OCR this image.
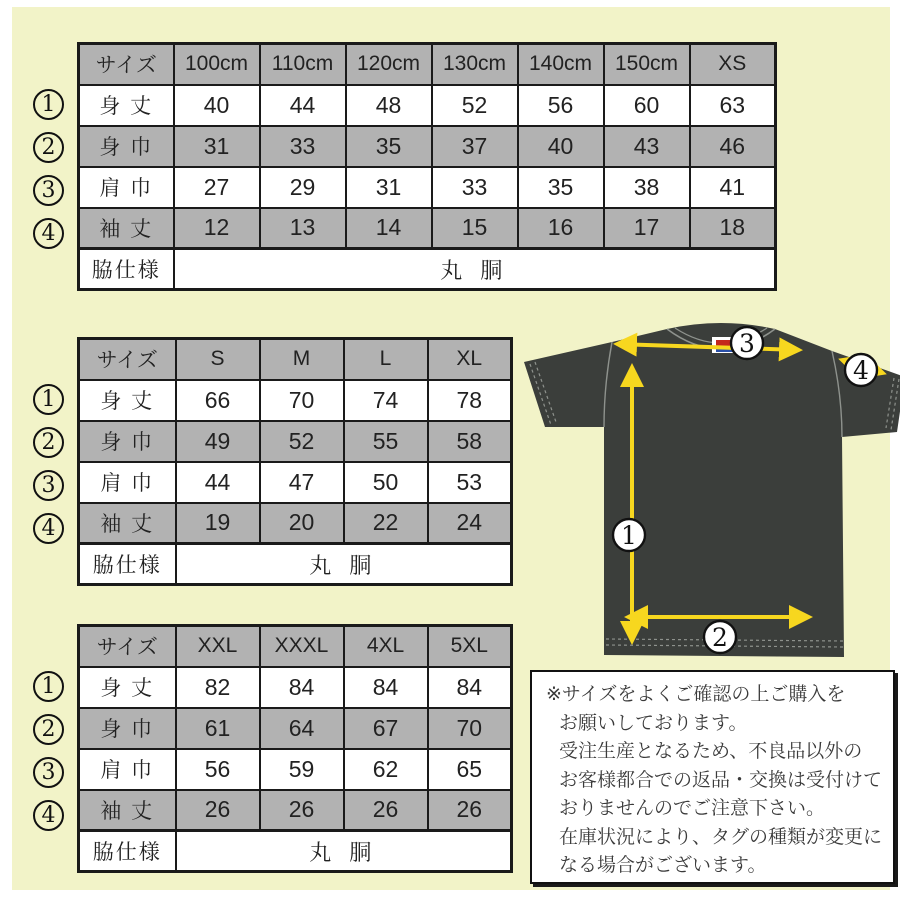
1
2
3
4
サイズ	100cm	110cm	120cm	130cm	140cm	150cm	XS
身 丈	40	44	48	52	56	60	63
身 巾	31	33	35	37	40	43	46
肩 巾	27	29	31	33	35	38	41
袖 丈	12	13	14	15	16	17	18
脇仕様	丸 胴						
1
2
3
4
サイズ	S	M	L	XL
身 丈	66	70	74	78
身 巾	49	52	55	58
肩 巾	44	47	50	53
袖 丈	19	20	22	24
脇仕様	丸 胴			
1
2
3
4
サイズ	XXL	XXXL	4XL	5XL
身 丈	82	84	84	84
身 巾	61	64	67	70
肩 巾	56	59	62	65
袖 丈	26	26	26	26
脇仕様	丸 胴			
1
2
3
4
※サイズをよくご確認の上ご購入を
お願いしております。
受注生産となるため、不良品以外の
お客様都合での返品・交換は受付けて
おりませんのでご注意下さい。
在庫状況により、タグの種類が変更に
なる場合がございます。
